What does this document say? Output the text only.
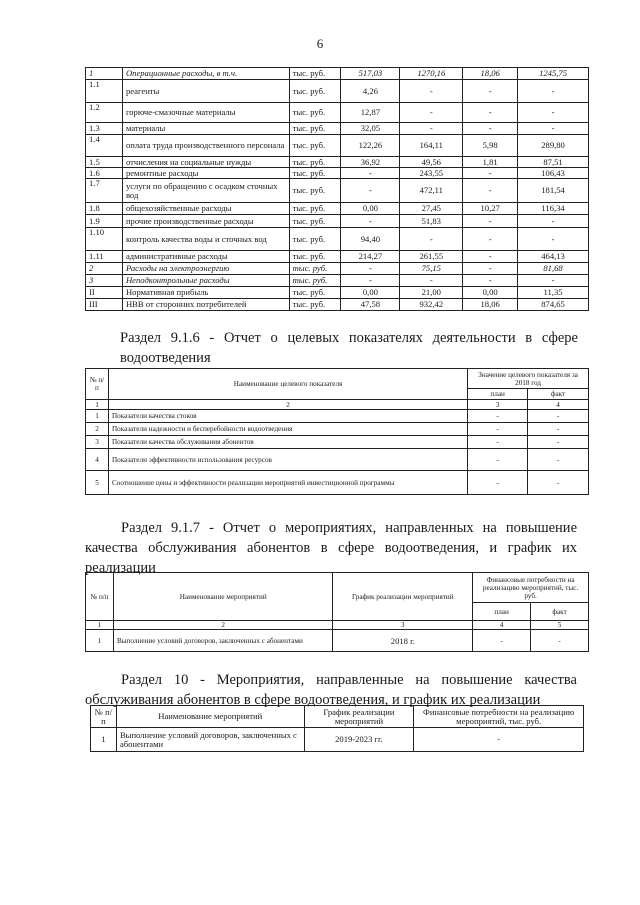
6
1	Операционные расходы, в т.ч.	тыс. руб.	517,03	1270,16	18,06	1245,75
1.1	реагенты	тыс. руб.	4,26	-	-	-
1.2	горюче-смазочные материалы	тыс. руб.	12,87	-	-	-
1.3	материалы	тыс. руб.	32,05	-	-	-
1.4	оплата труда производственного персонала	тыс. руб.	122,26	164,11	5,98	289,80
1.5	отчисления на социальные нужды	тыс. руб.	36,92	49,56	1,81	87,51
1.6	ремонтные расходы	тыс. руб.	-	243,55	-	106,43
1.7	услуги по обращению с осадком сточных вод	тыс. руб.	-	472,11	-	181,54
1.8	общехозяйственные расходы	тыс. руб.	0,00	27,45	10,27	116,34
1.9	прочие производственные расходы	тыс. руб.	-	51,83	-	-
1.10	контроль качества воды и сточных вод	тыс. руб.	94,40	-	-	-
1.11	административные расходы	тыс. руб.	214,27	261,55	-	464,13
2	Расходы на электроэнергию	тыс. руб.	-	75,15	-	81,68
3	Неподконтрольные расходы	тыс. руб.	-	-	-	-
II	Нормативная прибыль	тыс. руб.	0,00	21,00	0,00	11,35
III	НВВ от сторонних потребителей	тыс. руб.	47,58	932,42	18,06	874,65
Раздел 9.1.6 - Отчет о целевых показателях деятельности в сфере водоотведения
№ п/п	Наименование целевого показателя	Значение целевого показателя за 2018 год	
		план	факт
1	2	3	4
1	Показатели качества стоков	-	-
2	Показатели надежности и бесперебойности водоотведения	-	-
3	Показатели качества обслуживания абонентов	-	-
4	Показатели эффективности использования ресурсов	-	-
5	Соотношение цены и эффективности реализации мероприятий инвестиционной программы	-	-
Раздел 9.1.7 - Отчет о мероприятиях, направленных на повышение качества обслуживания абонентов в сфере водоотведения, и график их реализации
№ п/п	Наименование мероприятий	График реализации мероприятий	Финансовые потребности на реализацию мероприятий, тыс. руб.	
			план	факт
1	2	3	4	5
1	Выполнение условий договоров, заключенных с абонентами	2018 г.	-	-
Раздел 10 - Мероприятия, направленные на повышение качества обслуживания абонентов в сфере водоотведения, и график их реализации
№ п/п	Наименование мероприятий	График реализации мероприятий	Финансовые потребности на реализацию мероприятий, тыс. руб.
1	Выполнение условий договоров, заключенных с абонентами	2019-2023 гг.	-
